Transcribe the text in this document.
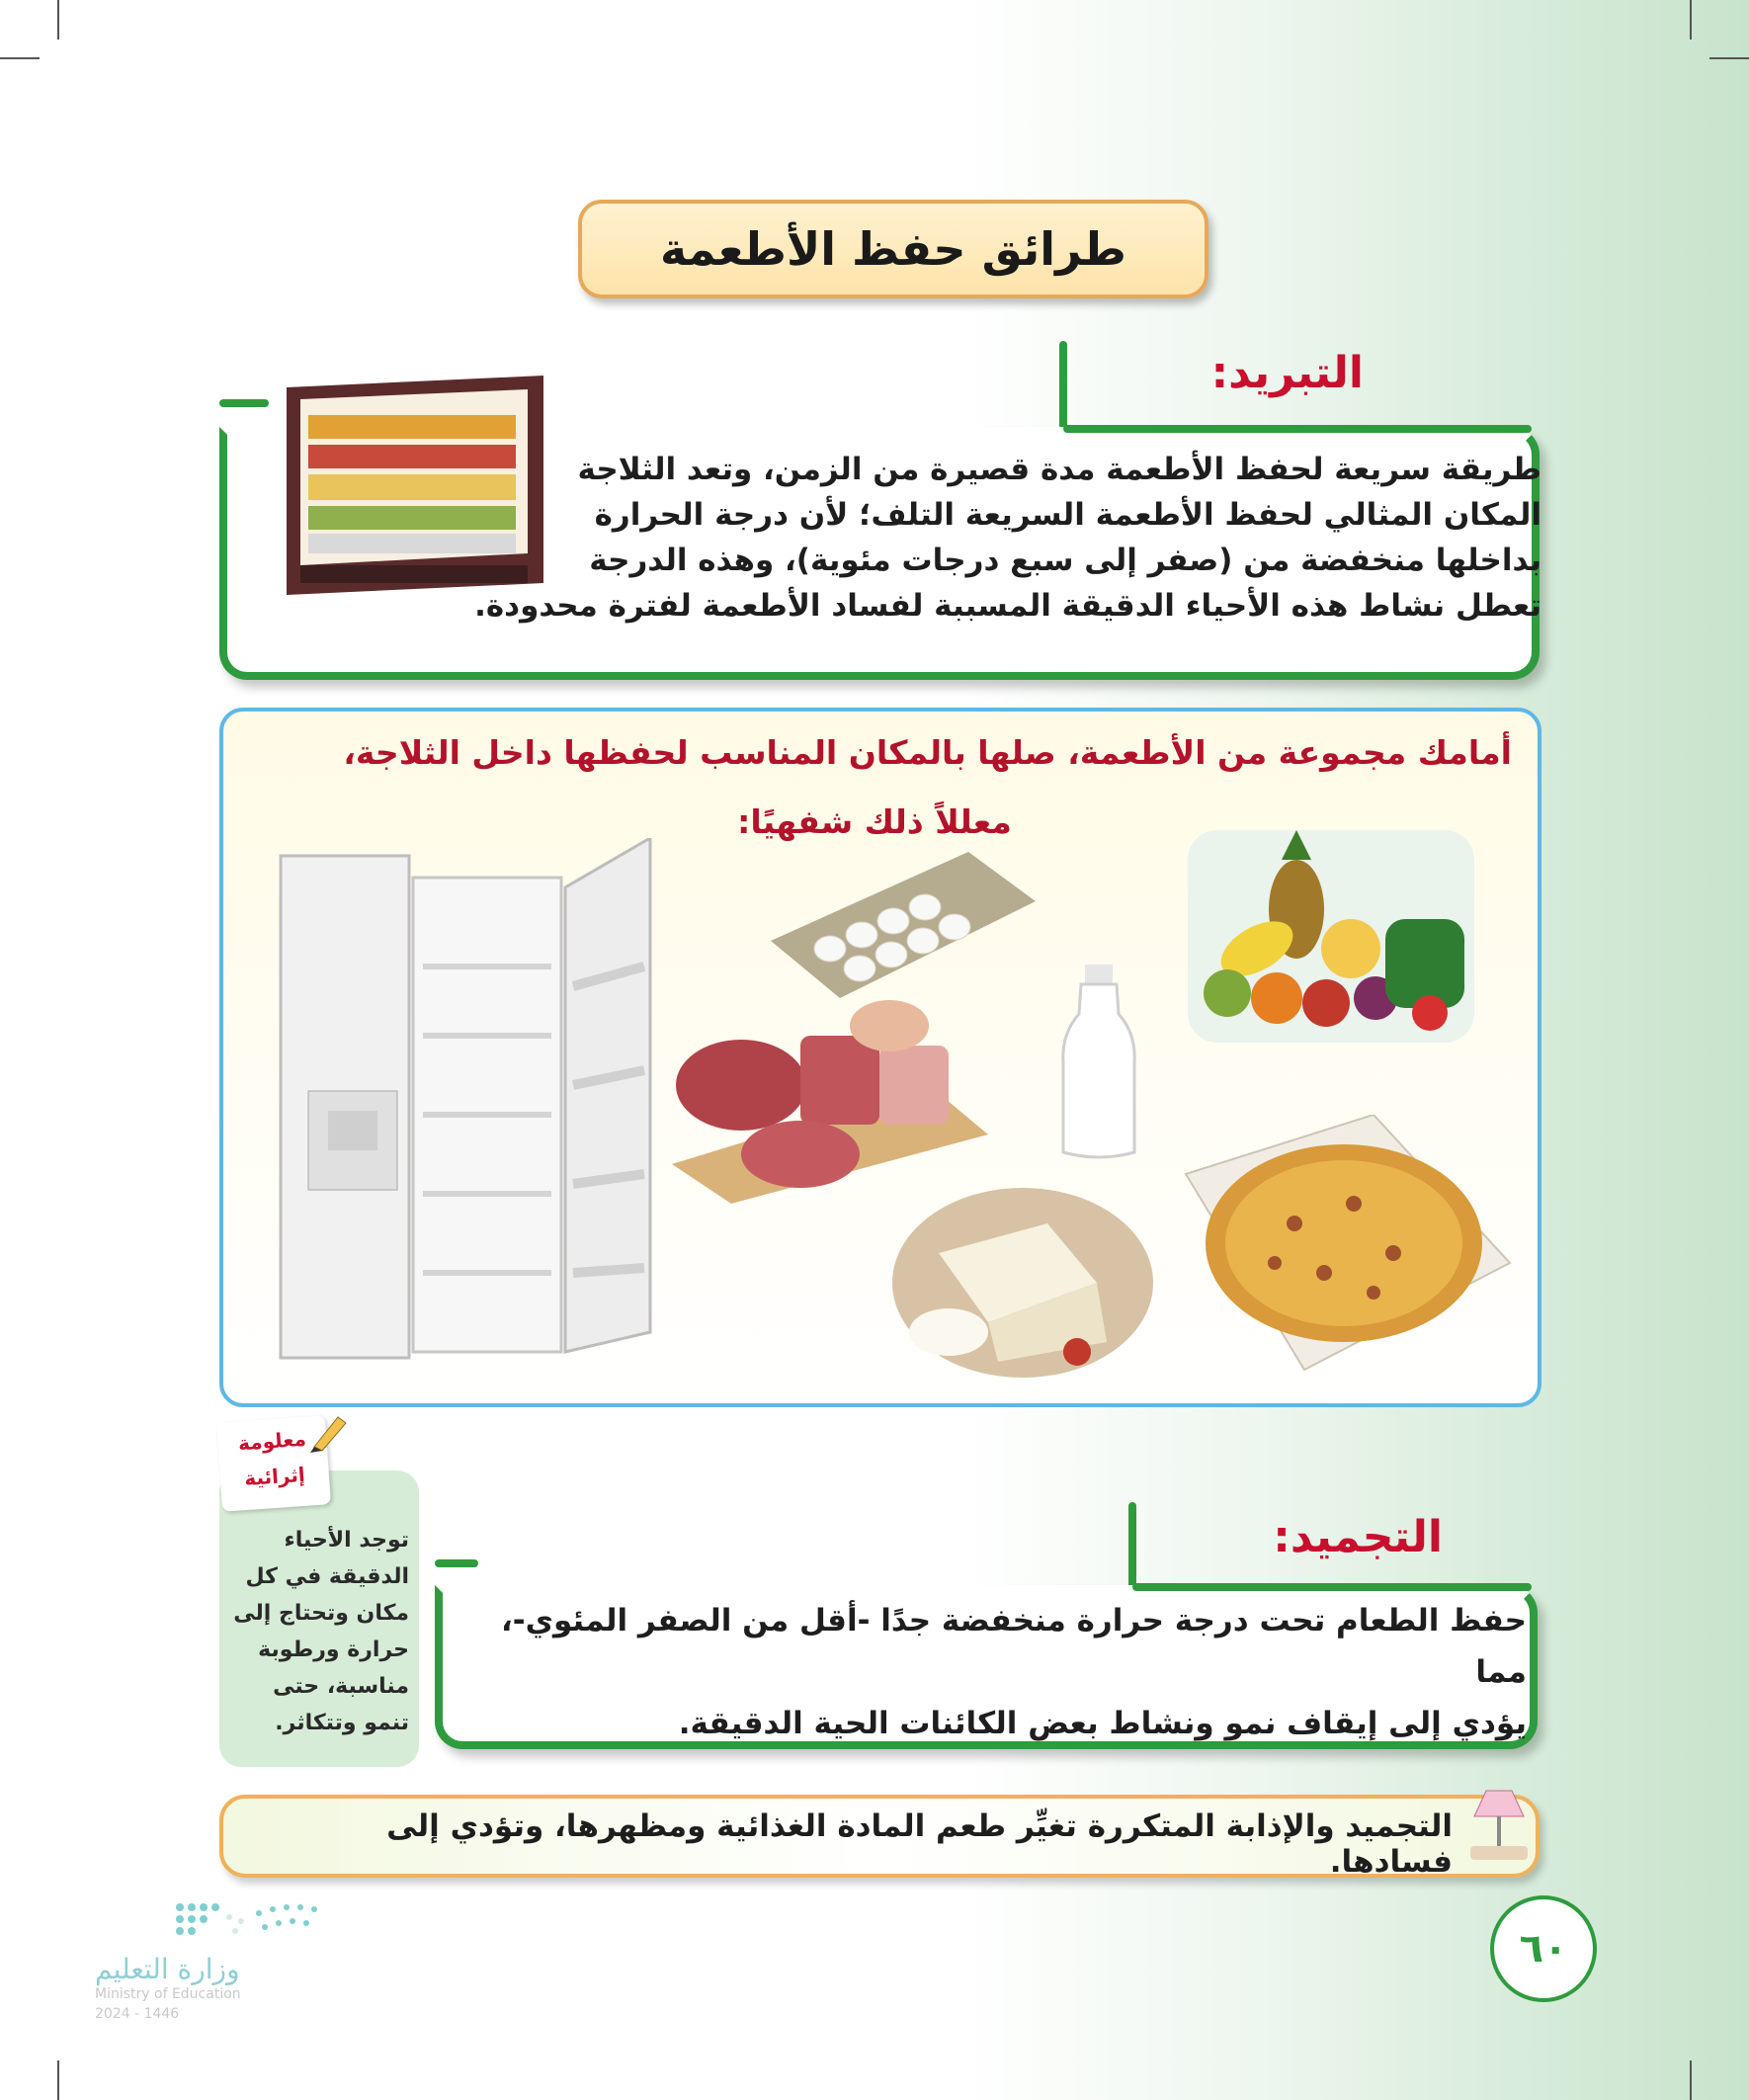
طرائق حفظ الأطعمة
التبريد:
طريقة سريعة لحفظ الأطعمة مدة قصيرة من الزمن، وتعد الثلاجة
المكان المثالي لحفظ الأطعمة السريعة التلف؛ لأن درجة الحرارة
بداخلها منخفضة من (صفر إلى سبع درجات مئوية)، وهذه الدرجة
تعطل نشاط هذه الأحياء الدقيقة المسببة لفساد الأطعمة لفترة محدودة.
أمامك مجموعة من الأطعمة، صلها بالمكان المناسب لحفظها داخل الثلاجة،
معللاً ذلك شفهيًا:
معلومة
إثرائية
توجد الأحياء
الدقيقة في كل
مكان وتحتاج إلى
حرارة ورطوبة
مناسبة، حتى
تنمو وتتكاثر.
التجميد:
حفظ الطعام تحت درجة حرارة منخفضة جدًا -أقل من الصفر المئوي-، مما
يؤدي إلى إيقاف نمو ونشاط بعض الكائنات الحية الدقيقة.
التجميد والإذابة المتكررة تغيِّر طعم المادة الغذائية ومظهرها، وتؤدي إلى فسادها.
٦٠
وزارة التعليم
Ministry of Education
2024 - 1446
